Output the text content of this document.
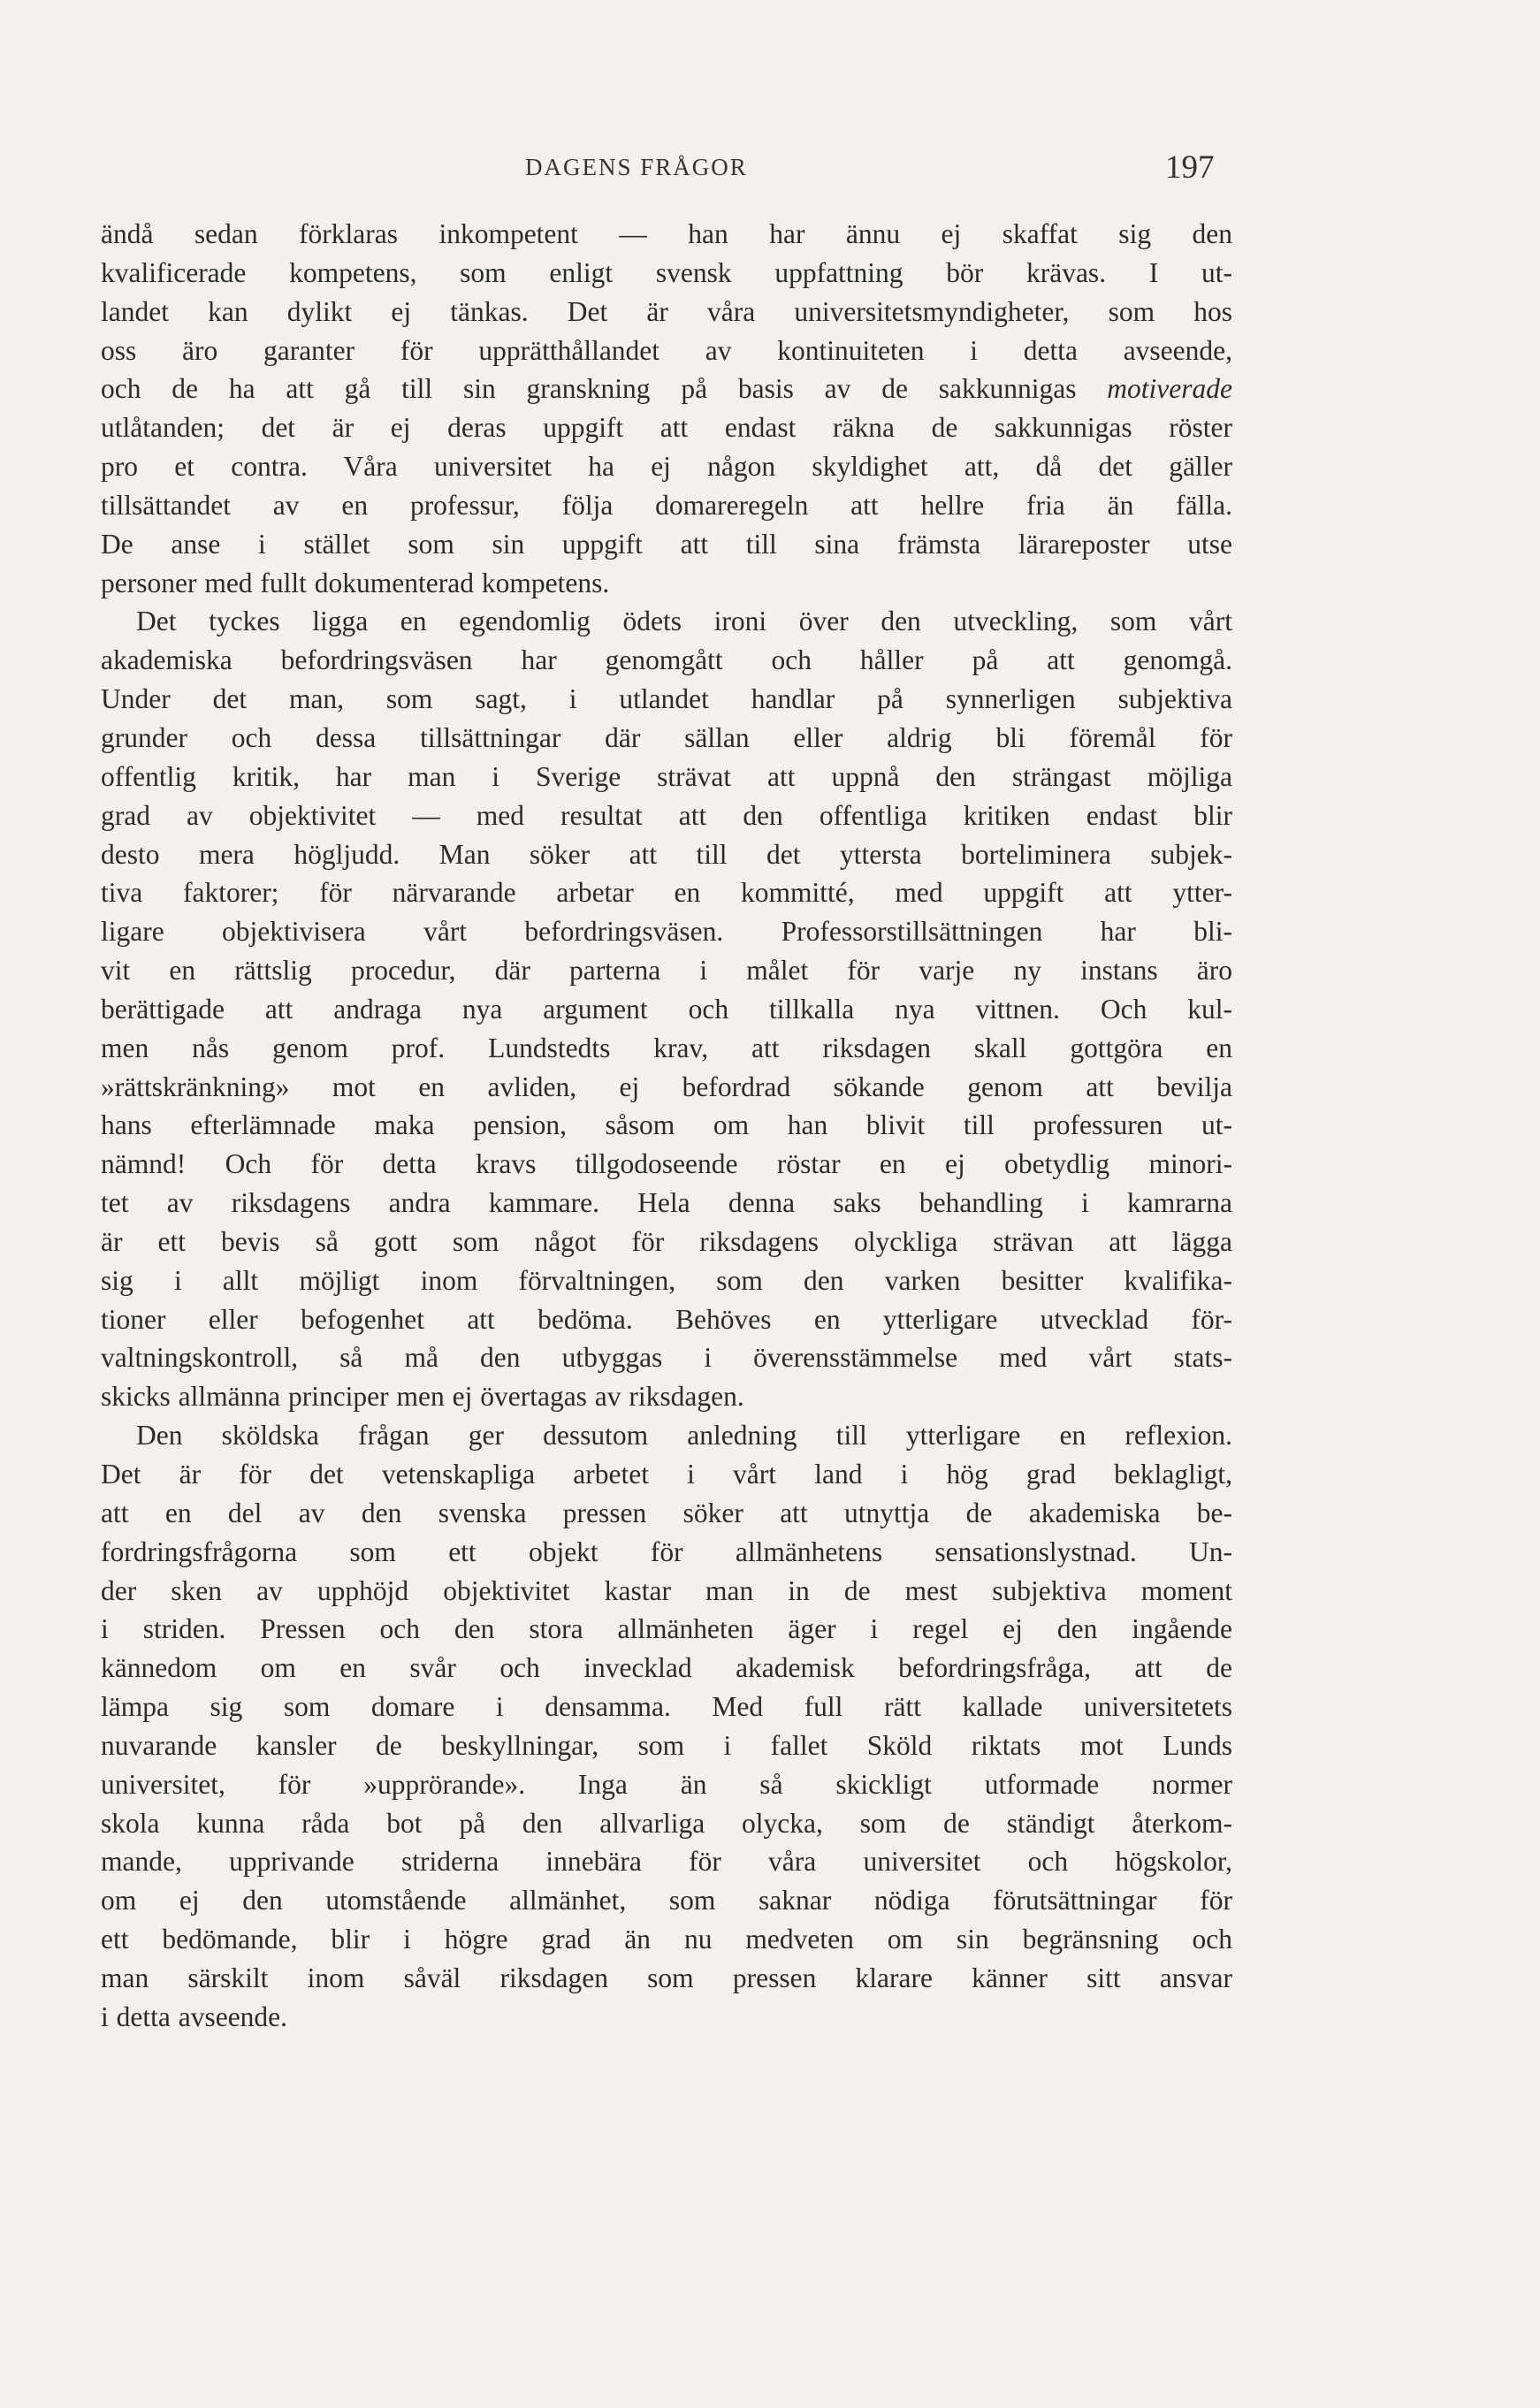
DAGENS FRÅGOR	197
ändå sedan förklaras inkompetent — han har ännu ej skaffat sig den
kvalificerade kompetens, som enligt svensk uppfattning bör krävas. I ut-
landet kan dylikt ej tänkas. Det är våra universitetsmyndigheter, som hos
oss äro garanter för upprätthållandet av kontinuiteten i detta avseende,
och de ha att gå till sin granskning på basis av de sakkunnigas motiverade
utlåtanden; det är ej deras uppgift att endast räkna de sakkunnigas röster
pro et contra. Våra universitet ha ej någon skyldighet att, då det gäller
tillsättandet av en professur, följa domareregeln att hellre fria än fälla.
De anse i stället som sin uppgift att till sina främsta lärareposter utse
personer med fullt dokumenterad kompetens.
Det tyckes ligga en egendomlig ödets ironi över den utveckling, som vårt
akademiska befordringsväsen har genomgått och håller på att genomgå.
Under det man, som sagt, i utlandet handlar på synnerligen subjektiva
grunder och dessa tillsättningar där sällan eller aldrig bli föremål för
offentlig kritik, har man i Sverige strävat att uppnå den strängast möjliga
grad av objektivitet — med resultat att den offentliga kritiken endast blir
desto mera högljudd. Man söker att till det yttersta borteliminera subjek-
tiva faktorer; för närvarande arbetar en kommitté, med uppgift att ytter-
ligare objektivisera vårt befordringsväsen. Professorstillsättningen har bli-
vit en rättslig procedur, där parterna i målet för varje ny instans äro
berättigade att andraga nya argument och tillkalla nya vittnen. Och kul-
men nås genom prof. Lundstedts krav, att riksdagen skall gottgöra en
»rättskränkning» mot en avliden, ej befordrad sökande genom att bevilja
hans efterlämnade maka pension, såsom om han blivit till professuren ut-
nämnd! Och för detta kravs tillgodoseende röstar en ej obetydlig minori-
tet av riksdagens andra kammare. Hela denna saks behandling i kamrarna
är ett bevis så gott som något för riksdagens olyckliga strävan att lägga
sig i allt möjligt inom förvaltningen, som den varken besitter kvalifika-
tioner eller befogenhet att bedöma. Behöves en ytterligare utvecklad för-
valtningskontroll, så må den utbyggas i överensstämmelse med vårt stats-
skicks allmänna principer men ej övertagas av riksdagen.
Den sköldska frågan ger dessutom anledning till ytterligare en reflexion.
Det är för det vetenskapliga arbetet i vårt land i hög grad beklagligt,
att en del av den svenska pressen söker att utnyttja de akademiska be-
fordringsfrågorna som ett objekt för allmänhetens sensationslystnad. Un-
der sken av upphöjd objektivitet kastar man in de mest subjektiva moment
i striden. Pressen och den stora allmänheten äger i regel ej den ingående
kännedom om en svår och invecklad akademisk befordringsfråga, att de
lämpa sig som domare i densamma. Med full rätt kallade universitetets
nuvarande kansler de beskyllningar, som i fallet Sköld riktats mot Lunds
universitet, för »upprörande». Inga än så skickligt utformade normer
skola kunna råda bot på den allvarliga olycka, som de ständigt återkom-
mande, upprivande striderna innebära för våra universitet och högskolor,
om ej den utomstående allmänhet, som saknar nödiga förutsättningar för
ett bedömande, blir i högre grad än nu medveten om sin begränsning och
man särskilt inom såväl riksdagen som pressen klarare känner sitt ansvar
i detta avseende.
